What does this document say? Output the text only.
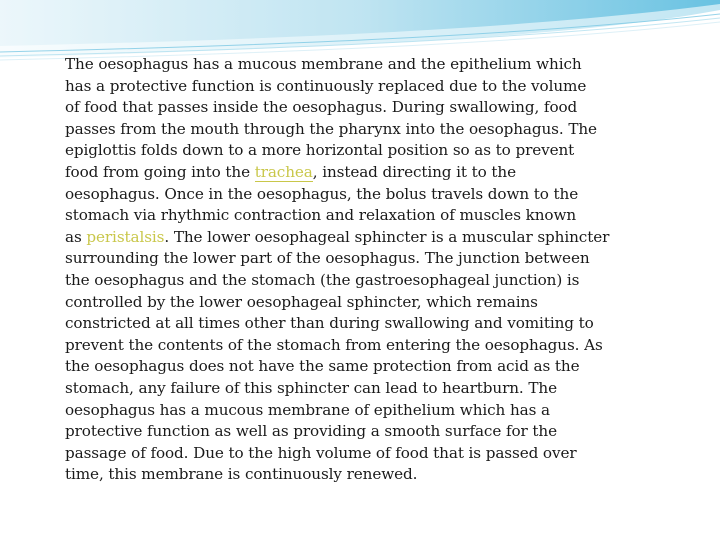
The oesophagus has a mucous membrane and the epithelium which
has a protective function is continuously replaced due to the volume
of food that passes inside the oesophagus. During swallowing, food
passes from the mouth through the pharynx into the oesophagus. The
epiglottis folds down to a more horizontal position so as to prevent
food from going into the trachea, instead directing it to the
oesophagus. Once in the oesophagus, the bolus travels down to the
stomach via rhythmic contraction and relaxation of muscles known
as peristalsis. The lower oesophageal sphincter is a muscular sphincter
surrounding the lower part of the oesophagus. The junction between
the oesophagus and the stomach (the gastroesophageal junction) is
controlled by the lower oesophageal sphincter, which remains
constricted at all times other than during swallowing and vomiting to
prevent the contents of the stomach from entering the oesophagus. As
the oesophagus does not have the same protection from acid as the
stomach, any failure of this sphincter can lead to heartburn. The
oesophagus has a mucous membrane of epithelium which has a
protective function as well as providing a smooth surface for the
passage of food. Due to the high volume of food that is passed over
time, this membrane is continuously renewed.
